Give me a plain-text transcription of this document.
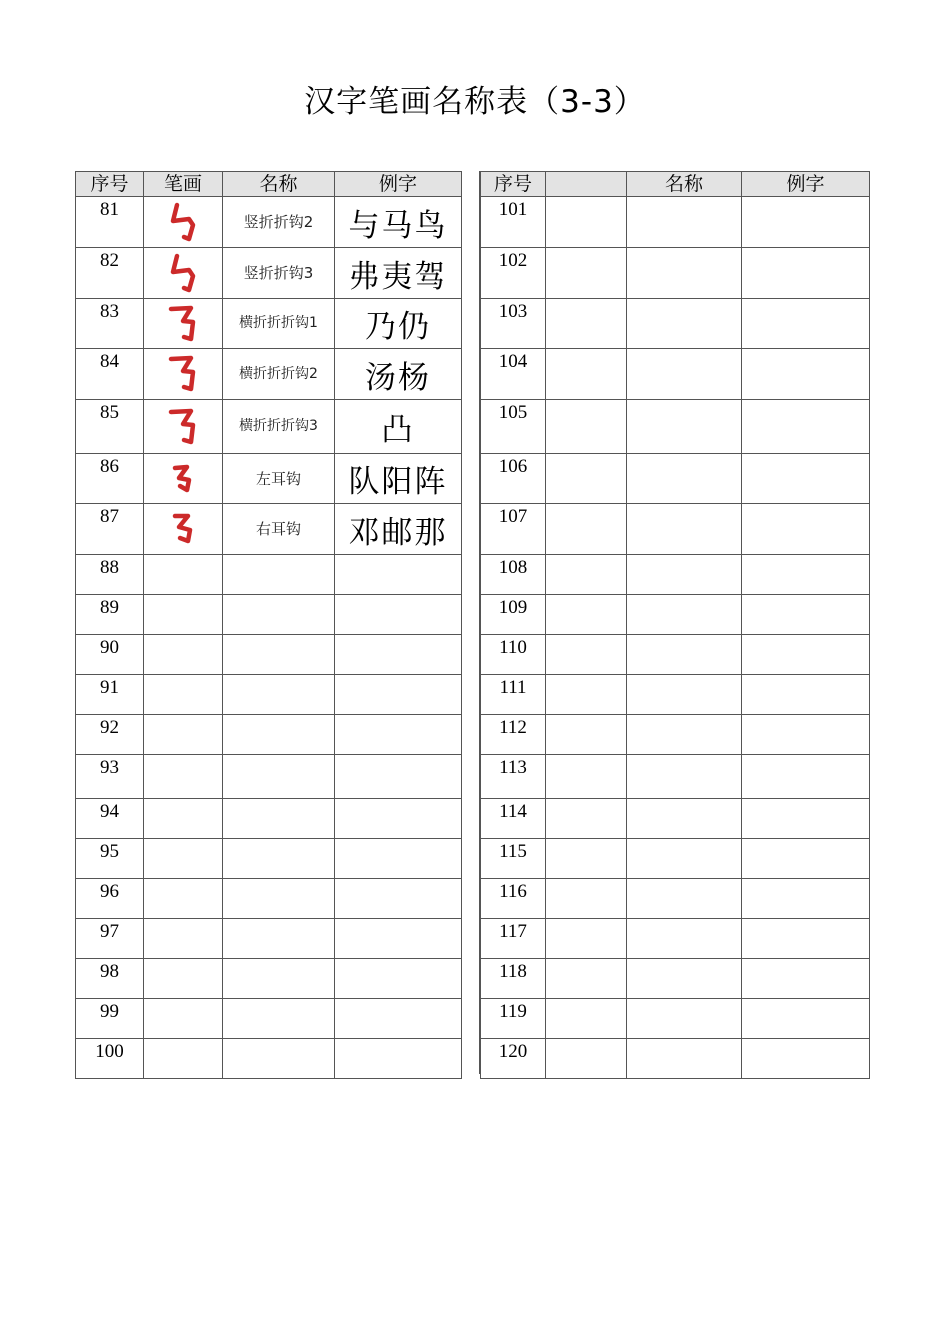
汉字笔画名称表（3-3）
序号	笔画	名称	例字
81		竖折折钩2	与马鸟
82		竖折折钩3	弗夷驾
83		横折折折钩1	乃仍
84		横折折折钩2	汤杨
85		横折折折钩3	凸
86		左耳钩	队阳阵
87		右耳钩	邓邮那
88			
89			
90			
91			
92			
93			
94			
95			
96			
97			
98			
99			
100			
序号		名称	例字
101			
102			
103			
104			
105			
106			
107			
108			
109			
110			
111			
112			
113			
114			
115			
116			
117			
118			
119			
120			
